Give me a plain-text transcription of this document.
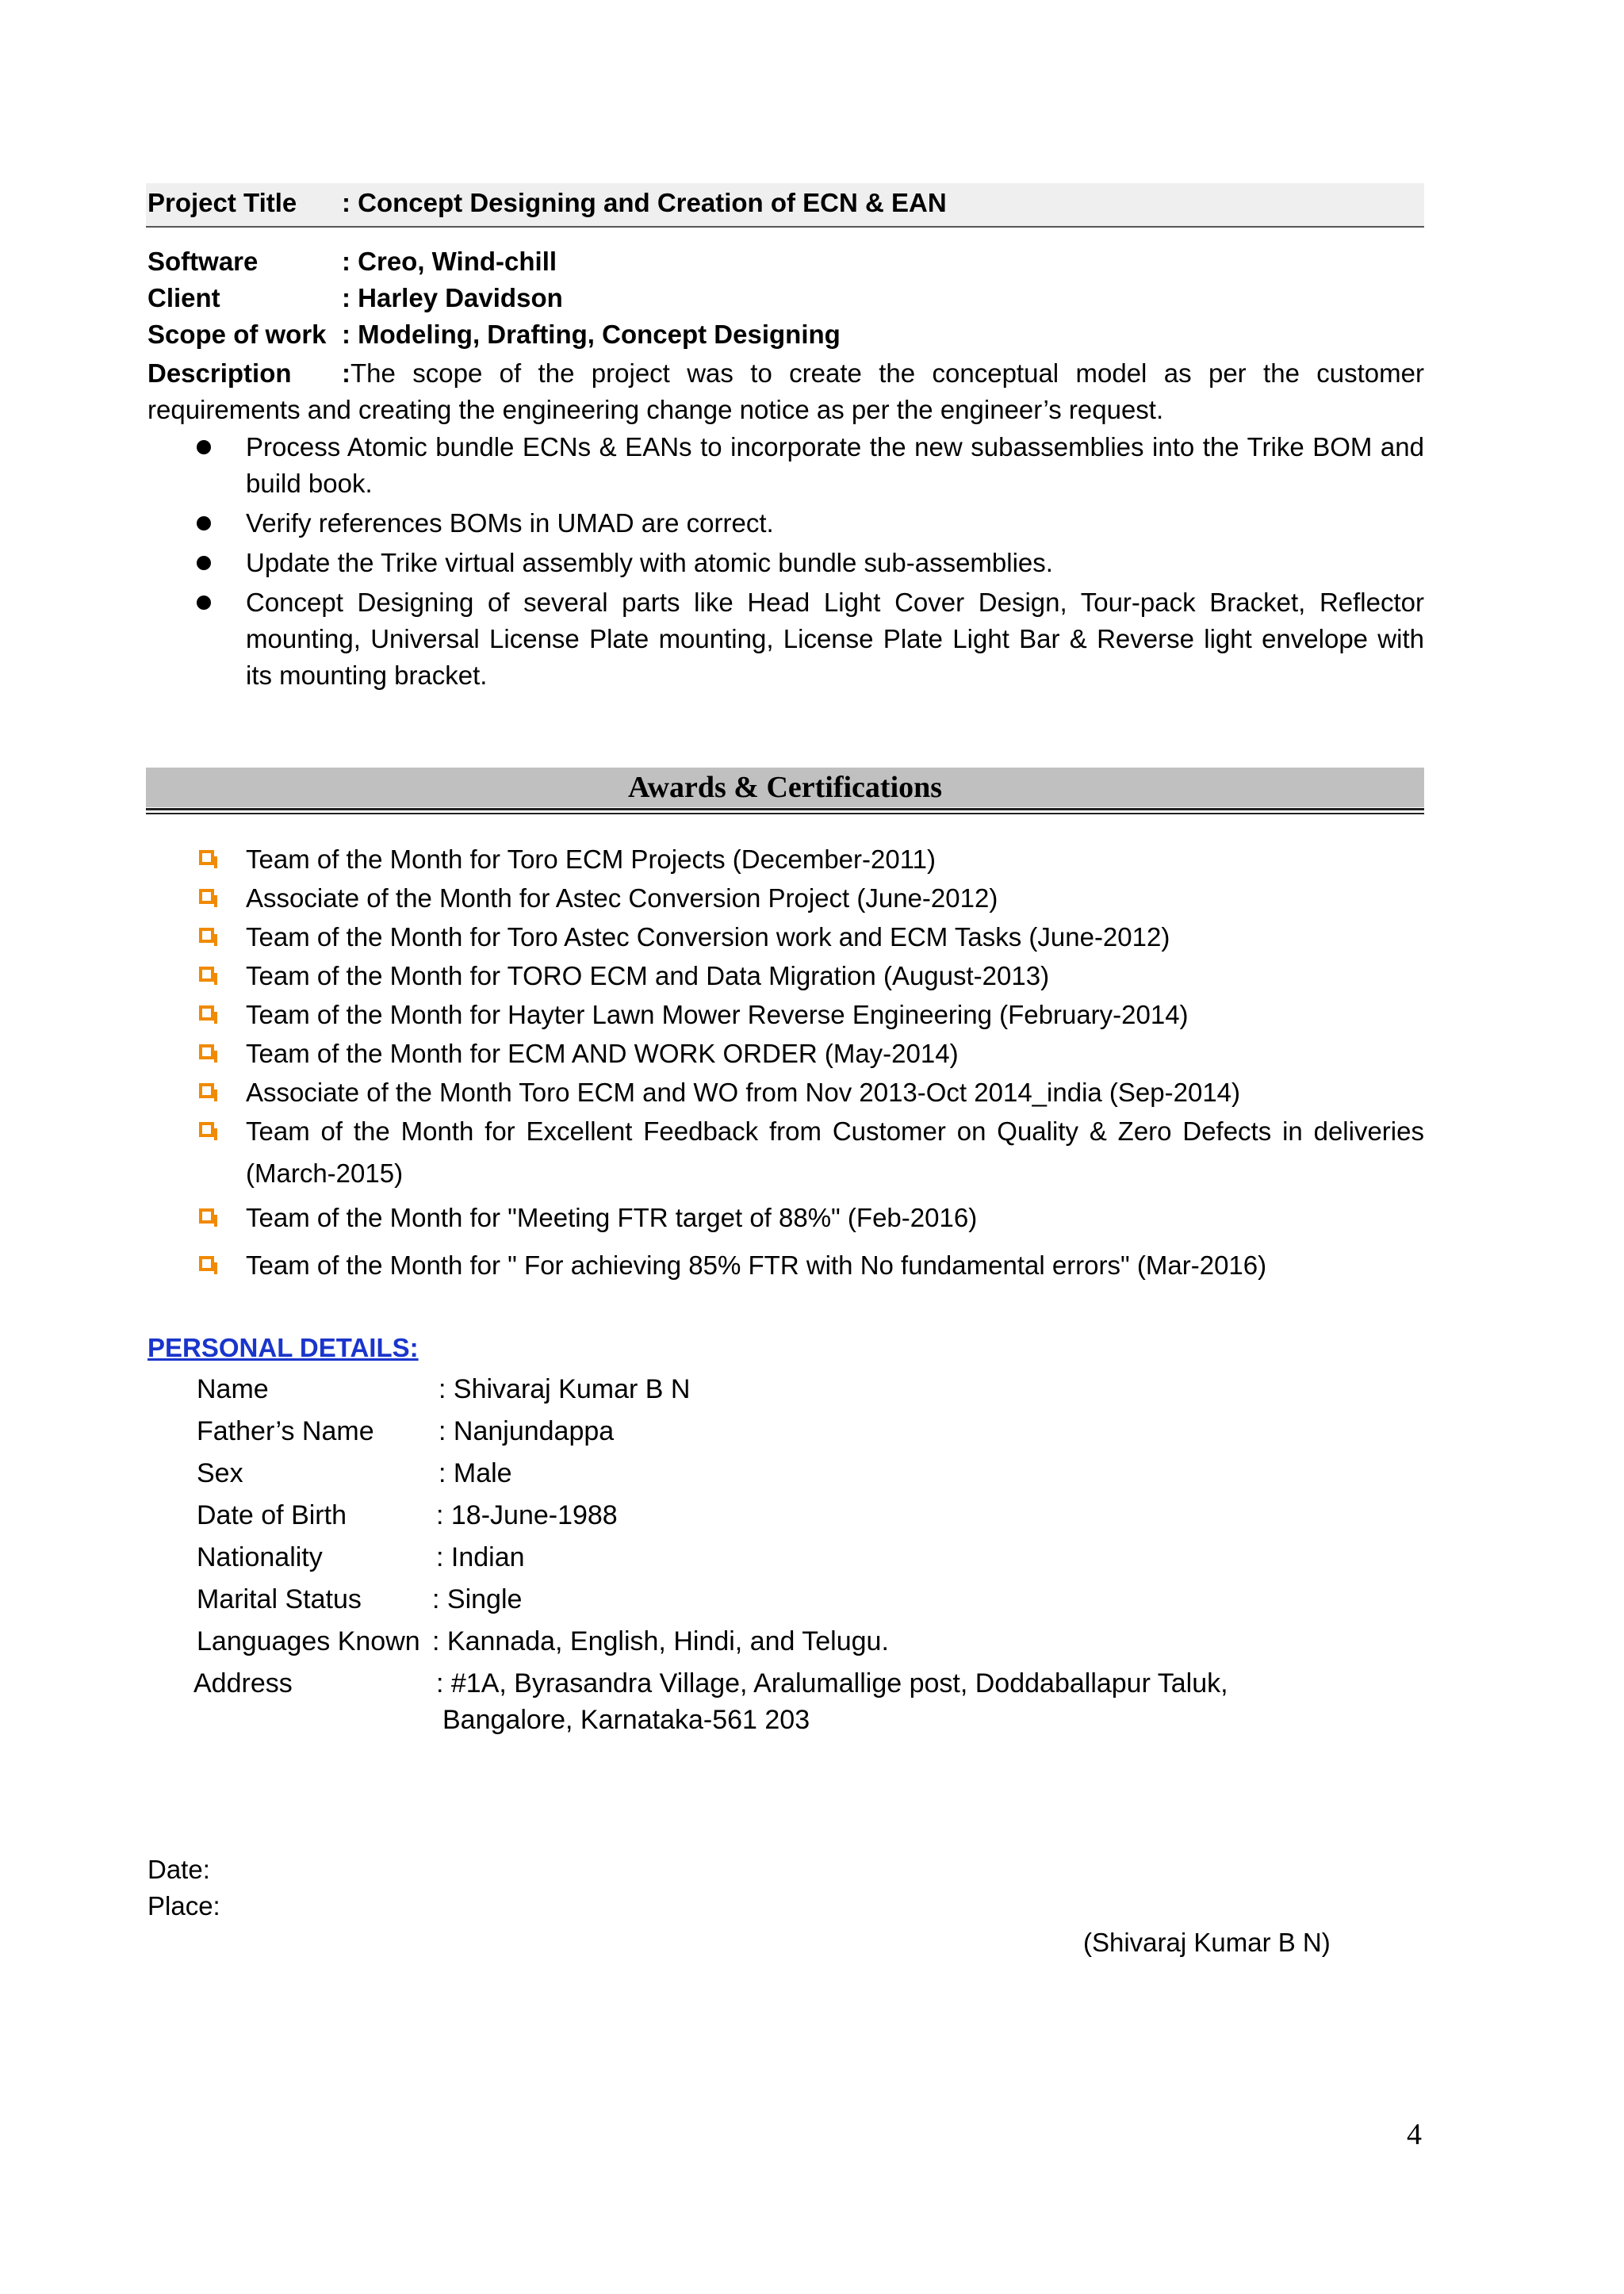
Project Title	: Concept Designing and Creation of ECN & EAN
Software	: Creo, Wind-chill
Client	: Harley Davidson
Scope of work : Modeling, Drafting, Concept Designing
Description :The scope of the project was to create the conceptual model as per the customer requirements and creating the engineering change notice as per the engineer’s request.
Process Atomic bundle ECNs & EANs to incorporate the new subassemblies into the Trike BOM and build book.
Verify references BOMs in UMAD are correct.
Update the Trike virtual assembly with atomic bundle sub-assemblies.
Concept Designing of several parts like Head Light Cover Design, Tour-pack Bracket, Reflector mounting, Universal License Plate mounting, License Plate Light Bar & Reverse light envelope with its mounting bracket.
Awards & Certifications
Team of the Month for Toro ECM Projects (December-2011)
Associate of the Month for Astec Conversion Project (June-2012)
Team of the Month for Toro Astec Conversion work and ECM Tasks (June-2012)
Team of the Month for TORO ECM and Data Migration (August-2013)
Team of the Month for Hayter Lawn Mower Reverse Engineering (February-2014)
Team of the Month for ECM AND WORK ORDER (May-2014)
Associate of the Month Toro ECM and WO from Nov 2013-Oct 2014_india (Sep-2014)
Team of the Month for Excellent Feedback from Customer on Quality & Zero Defects in deliveries
(March-2015)
Team of the Month for "Meeting FTR target of 88%" (Feb-2016)
Team of the Month for " For achieving 85% FTR with No fundamental errors" (Mar-2016)
PERSONAL DETAILS:
Name	: Shivaraj Kumar B N
Father’s Name : Nanjundappa
Sex	: Male
Date of Birth	: 18-June-1988
Nationality	: Indian
Marital Status	: Single
Languages Known : Kannada, English, Hindi, and Telugu.
Address	: #1A, Byrasandra Village, Aralumallige post, Doddaballapur Taluk,
Bangalore, Karnataka-561 203
Date:
Place:
(Shivaraj Kumar B N)
4
